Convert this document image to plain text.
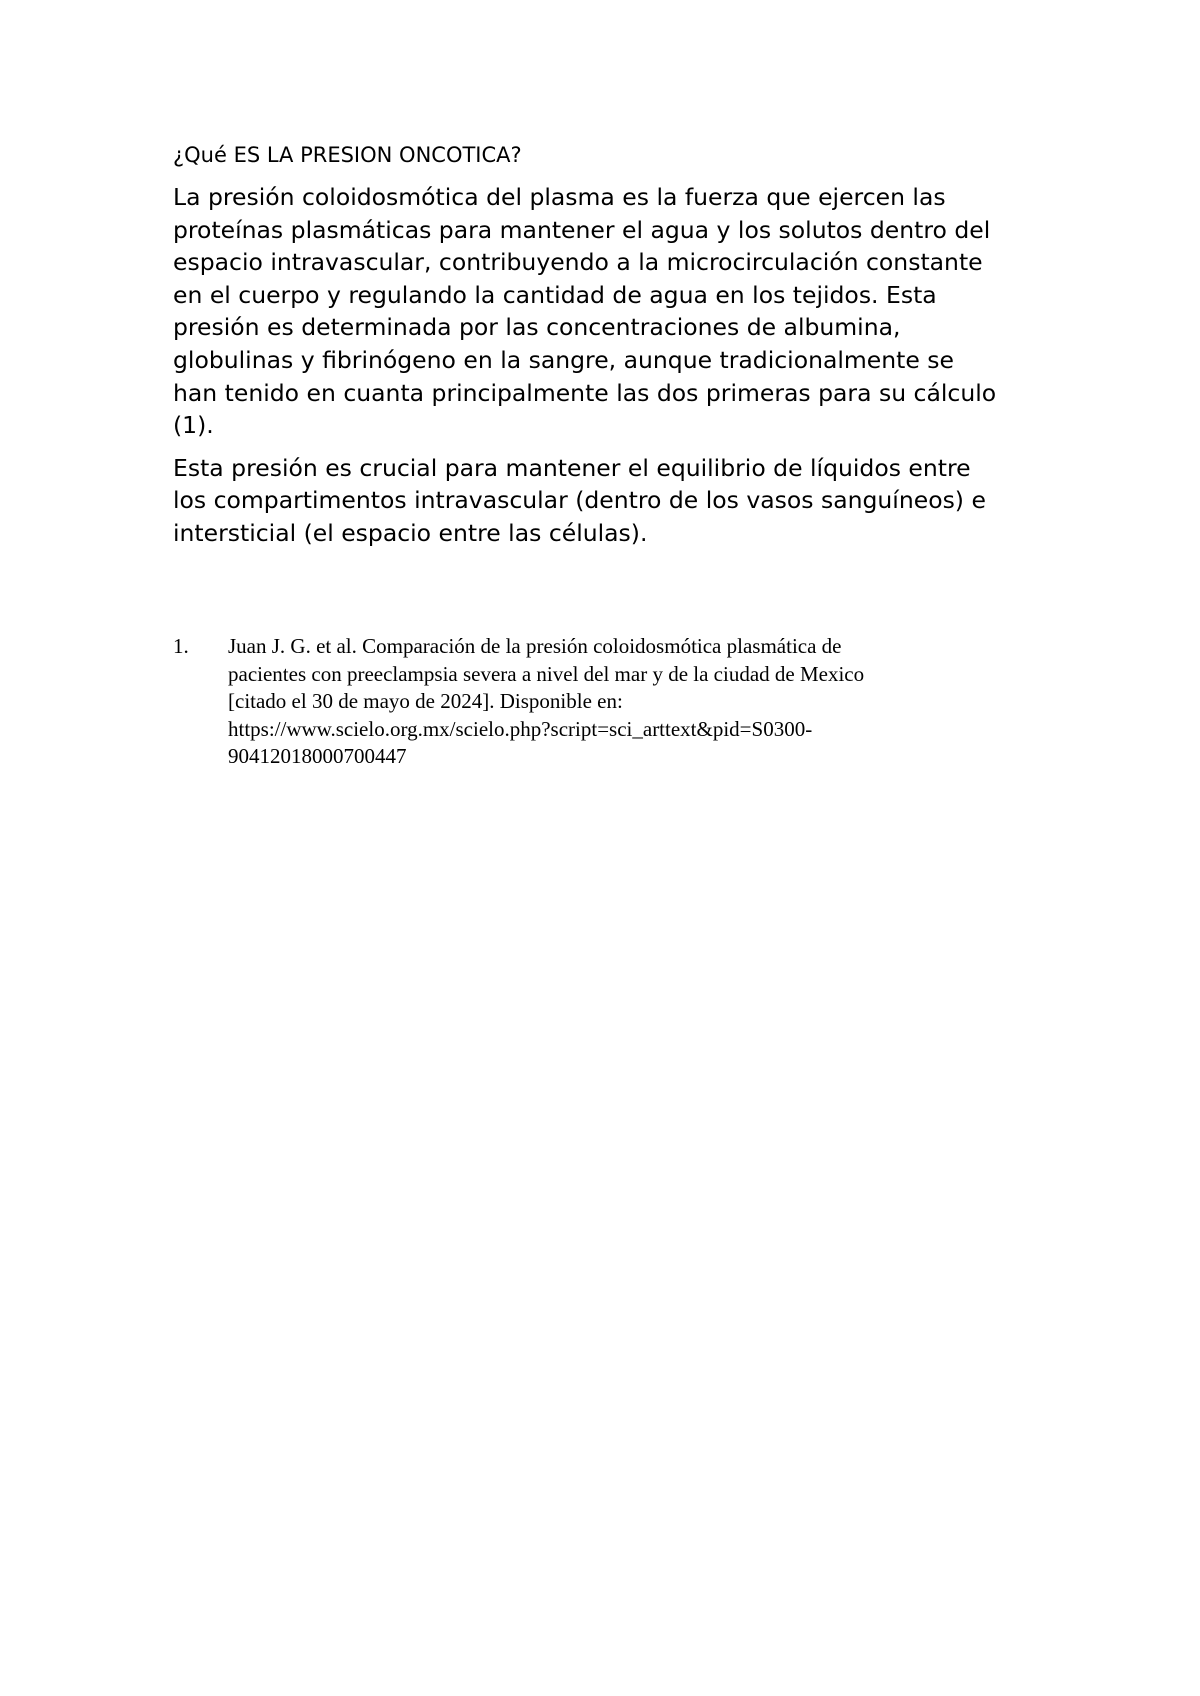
¿Qué ES LA PRESION ONCOTICA?

La presión coloidosmótica del plasma es la fuerza que ejercen las
proteínas plasmáticas para mantener el agua y los solutos dentro del
espacio intravascular, contribuyendo a la microcirculación constante
en el cuerpo y regulando la cantidad de agua en los tejidos. Esta
presión es determinada por las concentraciones de albumina,
globulinas y fibrinógeno en la sangre, aunque tradicionalmente se
han tenido en cuanta principalmente las dos primeras para su cálculo
(1).

Esta presión es crucial para mantener el equilibrio de líquidos entre
los compartimentos intravascular (dentro de los vasos sanguíneos) e
intersticial (el espacio entre las células).

1.	Juan J. G. et al. Comparación de la presión coloidosmótica plasmática de
pacientes con preeclampsia severa a nivel del mar y de la ciudad de Mexico
[citado el 30 de mayo de 2024]. Disponible en:
https://www.scielo.org.mx/scielo.php?script=sci_arttext&pid=S0300-
90412018000700447
